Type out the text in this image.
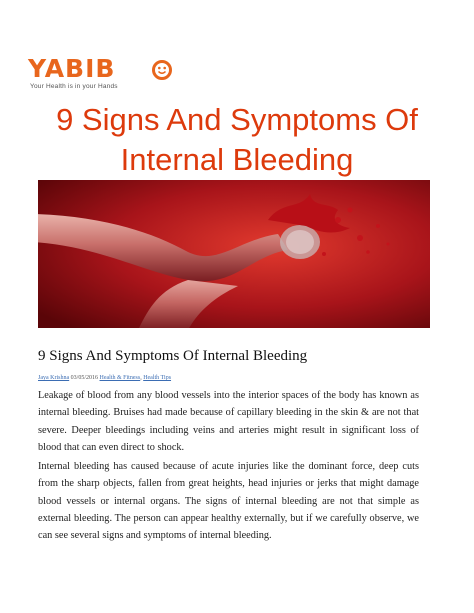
YABIB
Your Health is in your Hands
9 Signs And Symptoms Of
Internal Bleeding
9 Signs And Symptoms Of Internal Bleeding
Jaya Krishna 03/05/2016 Health & Fitness, Health Tips

Leakage of blood from any blood vessels into the interior spaces of the body has known as internal bleeding. Bruises had made because of capillary bleeding in the skin & are not that severe. Deeper bleedings including veins and arteries might result in significant loss of blood that can even direct to shock.

Internal bleeding has caused because of acute injuries like the dominant force, deep cuts from the sharp objects, fallen from great heights, head injuries or jerks that might damage blood vessels or internal organs. The signs of internal bleeding are not that simple as external bleeding. The person can appear healthy externally, but if we carefully observe, we can see several signs and symptoms of internal bleeding.
